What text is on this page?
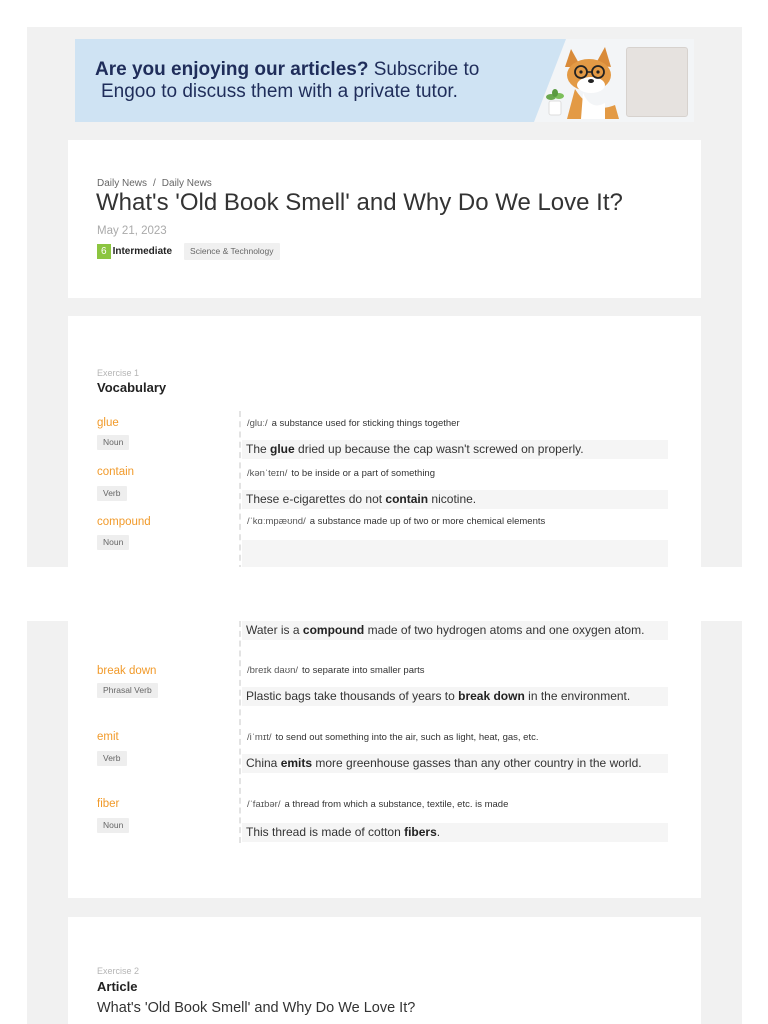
Are you enjoying our articles? Subscribe to
Engoo to discuss them with a private tutor.
Daily News / Daily News
What's 'Old Book Smell' and Why Do We Love It?
May 21, 2023
6 Intermediate	Science & Technology
Exercise 1
Vocabulary
glue
Noun
/gluː/ a substance used for sticking things together
The glue dried up because the cap wasn't screwed on properly.
contain
Verb
/kənˈteɪn/ to be inside or a part of something
These e-cigarettes do not contain nicotine.
compound
Noun
/ˈkɑːmpæʊnd/ a substance made up of two or more chemical elements
Water is a compound made of two hydrogen atoms and one oxygen atom.
break down
Phrasal Verb
/breɪk daʊn/ to separate into smaller parts
Plastic bags take thousands of years to break down in the environment.
emit
Verb
/iˈmɪt/ to send out something into the air, such as light, heat, gas, etc.
China emits more greenhouse gasses than any other country in the world.
fiber
Noun
/ˈfaɪbər/ a thread from which a substance, textile, etc. is made
This thread is made of cotton fibers.
Exercise 2
Article
What's 'Old Book Smell' and Why Do We Love It?
